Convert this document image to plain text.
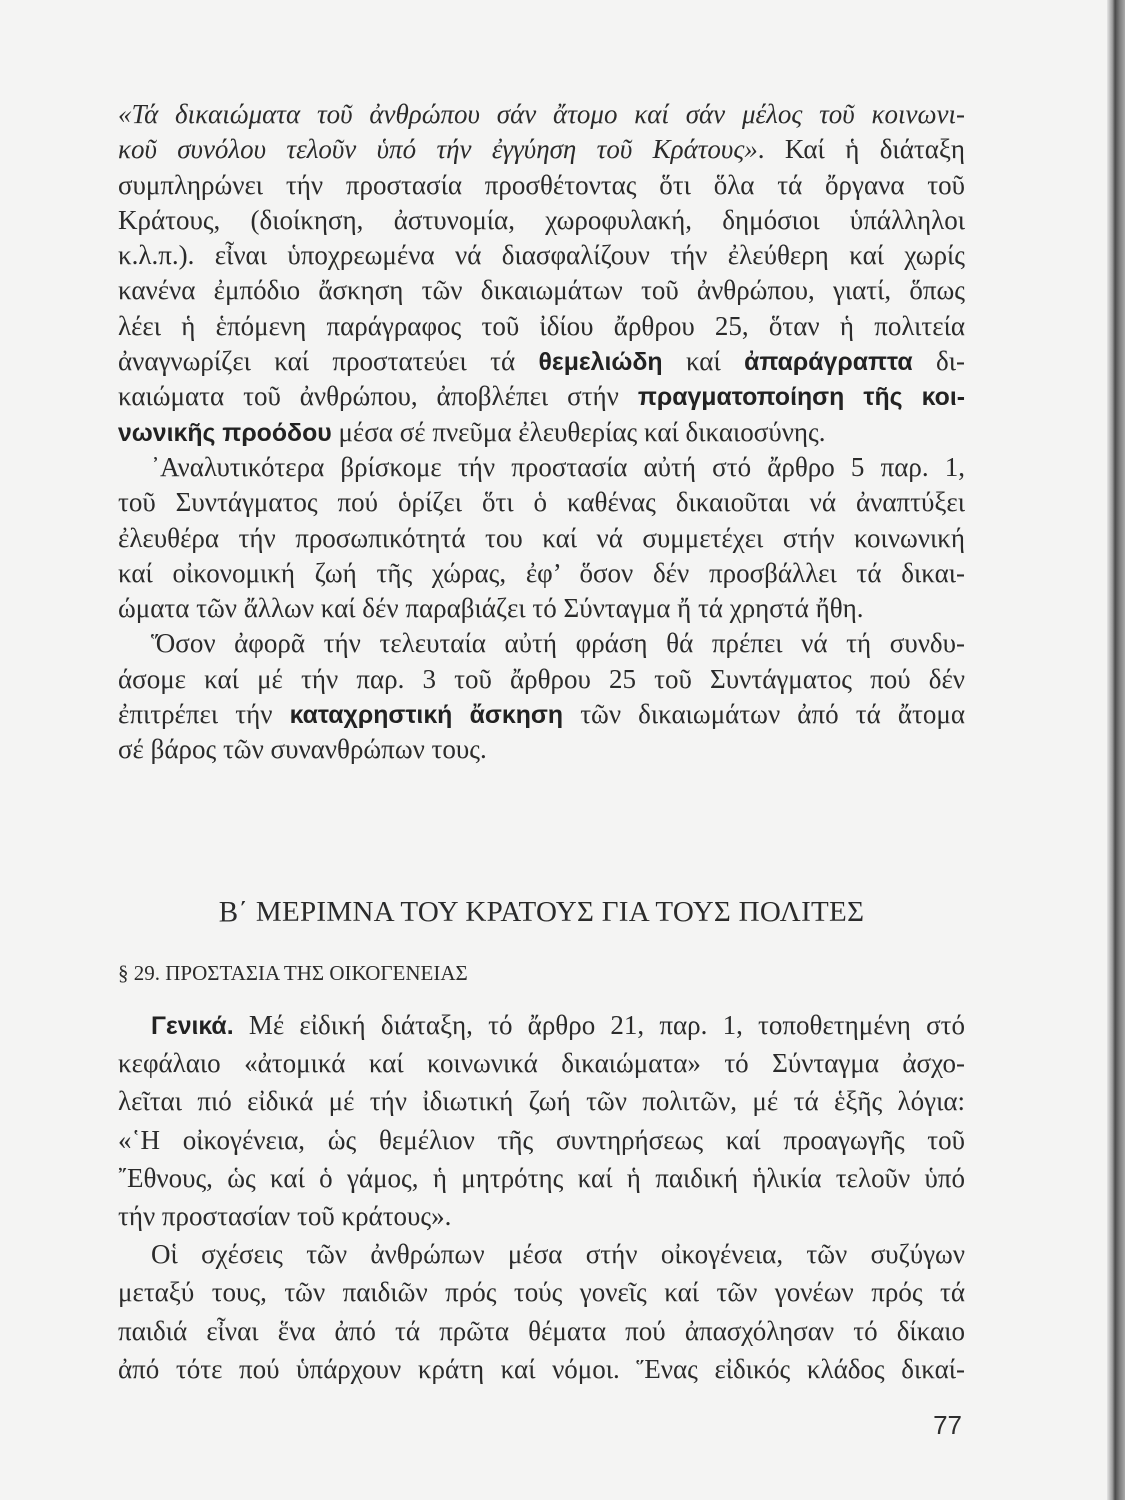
«Τά δικαιώματα τοῦ ἀνθρώπου σάν ἄτομο καί σάν μέλος τοῦ κοινωνι-
κοῦ συνόλου τελοῦν ὑπό τήν ἐγγύηση τοῦ Κράτους». Καί ἡ διάταξη
συμπληρώνει τήν προστασία προσθέτοντας ὅτι ὅλα τά ὄργανα τοῦ
Κράτους, (διοίκηση, ἀστυνομία, χωροφυλακή, δημόσιοι ὑπάλληλοι
κ.λ.π.). εἶναι ὑποχρεωμένα νά διασφαλίζουν τήν ἐλεύθερη καί χωρίς
κανένα ἐμπόδιο ἄσκηση τῶν δικαιωμάτων τοῦ ἀνθρώπου, γιατί, ὅπως
λέει ἡ ἑπόμενη παράγραφος τοῦ ἰδίου ἄρθρου 25, ὅταν ἡ πολιτεία
ἀναγνωρίζει καί προστατεύει τά θεμελιώδη καί ἀπαράγραπτα δι-
καιώματα τοῦ ἀνθρώπου, ἀποβλέπει στήν πραγματοποίηση τῆς κοι-
νωνικῆς προόδου μέσα σέ πνεῦμα ἐλευθερίας καί δικαιοσύνης.
᾿Αναλυτικότερα βρίσκομε τήν προστασία αὐτή στό ἄρθρο 5 παρ. 1,
τοῦ Συντάγματος πού ὁρίζει ὅτι ὁ καθένας δικαιοῦται νά ἀναπτύξει
ἐλευθέρα τήν προσωπικότητά του καί νά συμμετέχει στήν κοινωνική
καί οἰκονομική ζωή τῆς χώρας, ἐφ’ ὅσον δέν προσβάλλει τά δικαι-
ώματα τῶν ἄλλων καί δέν παραβιάζει τό Σύνταγμα ἤ τά χρηστά ἤθη.
Ὅσον ἀφορᾶ τήν τελευταία αὐτή φράση θά πρέπει νά τή συνδυ-
άσομε καί μέ τήν παρ. 3 τοῦ ἄρθρου 25 τοῦ Συντάγματος πού δέν
ἐπιτρέπει τήν καταχρηστική ἄσκηση τῶν δικαιωμάτων ἀπό τά ἄτομα
σέ βάρος τῶν συνανθρώπων τους.
Β΄ ΜΕΡΙΜΝΑ ΤΟΥ ΚΡΑΤΟΥΣ ΓΙΑ ΤΟΥΣ ΠΟΛΙΤΕΣ
§ 29. ΠΡΟΣΤΑΣΙΑ ΤΗΣ ΟΙΚΟΓΕΝΕΙΑΣ
Γενικά. Μέ εἰδική διάταξη, τό ἄρθρο 21, παρ. 1, τοποθετημένη στό
κεφάλαιο «ἀτομικά καί κοινωνικά δικαιώματα» τό Σύνταγμα ἀσχο-
λεῖται πιό εἰδικά μέ τήν ἰδιωτική ζωή τῶν πολιτῶν, μέ τά ἑξῆς λόγια:
«῾Η οἰκογένεια, ὡς θεμέλιον τῆς συντηρήσεως καί προαγωγῆς τοῦ
῎Εθνους, ὡς καί ὁ γάμος, ἡ μητρότης καί ἡ παιδική ἡλικία τελοῦν ὑπό
τήν προστασίαν τοῦ κράτους».
Οἱ σχέσεις τῶν ἀνθρώπων μέσα στήν οἰκογένεια, τῶν συζύγων
μεταξύ τους, τῶν παιδιῶν πρός τούς γονεῖς καί τῶν γονέων πρός τά
παιδιά εἶναι ἕνα ἀπό τά πρῶτα θέματα πού ἀπασχόλησαν τό δίκαιο
ἀπό τότε πού ὑπάρχουν κράτη καί νόμοι. Ἕνας εἰδικός κλάδος δικαί-
77
